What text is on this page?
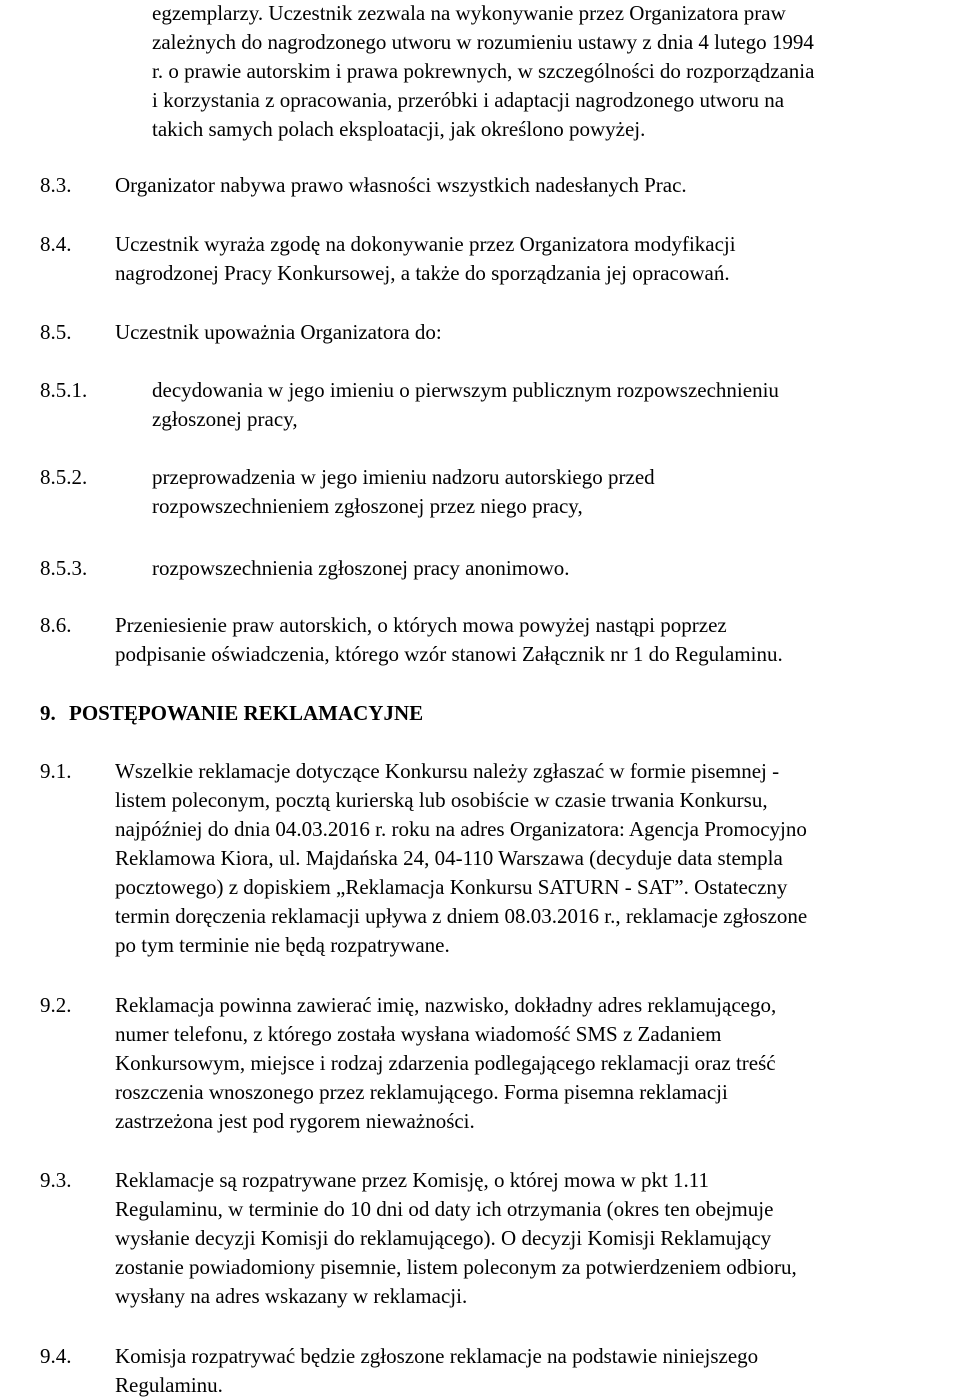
egzemplarzy. Uczestnik zezwala na wykonywanie przez Organizatora praw
zależnych do nagrodzonego utworu w rozumieniu ustawy z dnia 4 lutego 1994
r. o prawie autorskim i prawa pokrewnych, w szczególności do rozporządzania
i korzystania z opracowania, przeróbki i adaptacji nagrodzonego utworu na
takich samych polach eksploatacji, jak określono powyżej.
8.3. Organizator nabywa prawo własności wszystkich nadesłanych Prac.
8.4. Uczestnik wyraża zgodę na dokonywanie przez Organizatora modyfikacji
nagrodzonej Pracy Konkursowej, a także do sporządzania jej opracowań.
8.5. Uczestnik upoważnia Organizatora do:
8.5.1.	decydowania w jego imieniu o pierwszym publicznym rozpowszechnieniu
zgłoszonej pracy,
8.5.2.	przeprowadzenia w jego imieniu nadzoru autorskiego przed
rozpowszechnieniem zgłoszonej przez niego pracy,
8.5.3.	rozpowszechnienia zgłoszonej pracy anonimowo.
8.6. Przeniesienie praw autorskich, o których mowa powyżej nastąpi poprzez
podpisanie oświadczenia, którego wzór stanowi Załącznik nr 1 do Regulaminu.
9. POSTĘPOWANIE REKLAMACYJNE
9.1. Wszelkie reklamacje dotyczące Konkursu należy zgłaszać w formie pisemnej -
listem poleconym, pocztą kurierską lub osobiście w czasie trwania Konkursu,
najpóźniej do dnia 04.03.2016 r. roku na adres Organizatora: Agencja Promocyjno
Reklamowa Kiora, ul. Majdańska 24, 04-110 Warszawa (decyduje data stempla
pocztowego) z dopiskiem „Reklamacja Konkursu SATURN - SAT”. Ostateczny
termin doręczenia reklamacji upływa z dniem 08.03.2016 r., reklamacje zgłoszone
po tym terminie nie będą rozpatrywane.
9.2. Reklamacja powinna zawierać imię, nazwisko, dokładny adres reklamującego,
numer telefonu, z którego została wysłana wiadomość SMS z Zadaniem
Konkursowym, miejsce i rodzaj zdarzenia podlegającego reklamacji oraz treść
roszczenia wnoszonego przez reklamującego. Forma pisemna reklamacji
zastrzeżona jest pod rygorem nieważności.
9.3. Reklamacje są rozpatrywane przez Komisję, o której mowa w pkt 1.11
Regulaminu, w terminie do 10 dni od daty ich otrzymania (okres ten obejmuje
wysłanie decyzji Komisji do reklamującego). O decyzji Komisji Reklamujący
zostanie powiadomiony pisemnie, listem poleconym za potwierdzeniem odbioru,
wysłany na adres wskazany w reklamacji.
9.4. Komisja rozpatrywać będzie zgłoszone reklamacje na podstawie niniejszego
Regulaminu.
